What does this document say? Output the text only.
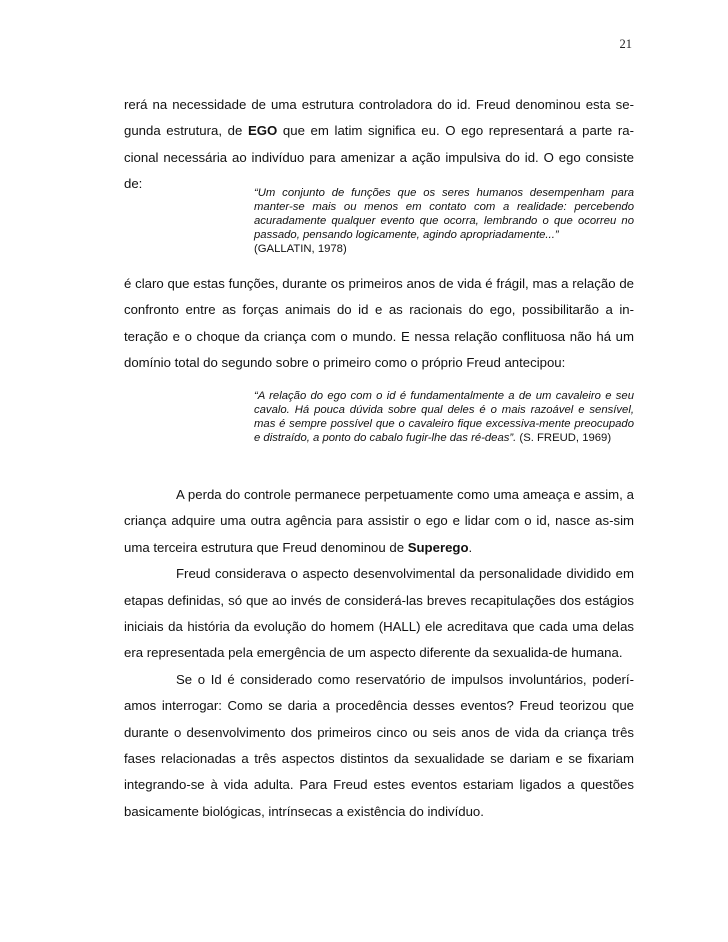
21

rerá na necessidade de uma estrutura controladora do id. Freud denominou esta se-gunda estrutura, de EGO que em latim significa eu. O ego representará a parte ra-cional necessária ao indivíduo para amenizar a ação impulsiva do id. O ego consiste de:

“Um conjunto de funções que os seres humanos desempenham para manter-se mais ou menos em contato com a realidade: percebendo acuradamente qualquer evento que ocorra, lembrando o que ocorreu no passado, pensando logicamente, agindo apropriadamente...”

(GALLATIN, 1978)

é claro que estas funções, durante os primeiros anos de vida é frágil, mas a relação de confronto entre as forças animais do id e as racionais do ego, possibilitarão a in-teração e o choque da criança com o mundo. E nessa relação conflituosa não há um domínio total do segundo sobre o primeiro como o próprio Freud antecipou:

“A relação do ego com o id é fundamentalmente a de um cavaleiro e seu cavalo. Há pouca dúvida sobre qual deles é o mais razoável e sensível, mas é sempre possível que o cavaleiro fique excessiva-mente preocupado e distraído, a ponto do cabalo fugir-lhe das ré-deas”. (S. FREUD, 1969)

A perda do controle permanece perpetuamente como uma ameaça e assim, a criança adquire uma outra agência para assistir o ego e lidar com o id, nasce as-sim uma terceira estrutura que Freud denominou de Superego.

Freud considerava o aspecto desenvolvimental da personalidade dividido em etapas definidas, só que ao invés de considerá-las breves recapitulações dos estágios iniciais da história da evolução do homem (HALL) ele acreditava que cada uma delas era representada pela emergência de um aspecto diferente da sexualida-de humana.

Se o Id é considerado como reservatório de impulsos involuntários, poderí-amos interrogar: Como se daria a procedência desses eventos? Freud teorizou que durante o desenvolvimento dos primeiros cinco ou seis anos de vida da criança três fases relacionadas a três aspectos distintos da sexualidade se dariam e se fixariam integrando-se à vida adulta. Para Freud estes eventos estariam ligados a questões basicamente biológicas, intrínsecas a existência do indivíduo.
